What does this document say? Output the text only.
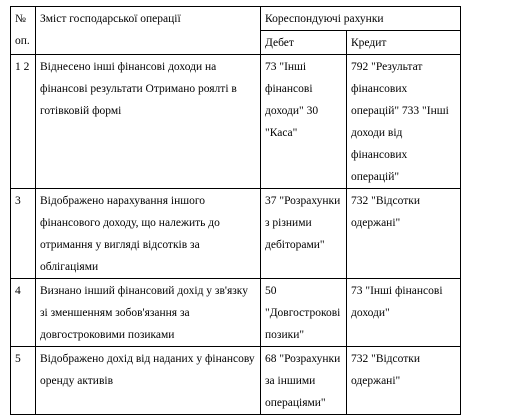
№ оп.	Зміст господарської операції	Кореспондуючі рахунки	
		Дебет	Кредит
1 2	Віднесено інші фінансові доходи на фінансові результати Отримано роялті в готівковій формі	73 "Інші фінансові доходи" 30 "Каса"	792 "Результат фінансових операцій" 733 "Інші доходи від фінансових операцій"
3	Відображено нарахування іншого фінансового доходу, що належить до отримання у вигляді відсотків за облігаціями	37 "Розрахунки з різними дебіторами"	732 "Відсотки одержані"
4	Визнано інший фінансовий дохід у зв'язку зі зменшенням зобов'язання за довгостроковими позиками	50 "Довгострокові позики"	73 "Інші фінансові доходи"
5	Відображено дохід від наданих у фінансову оренду активів	68 "Розрахунки за іншими операціями"	732 "Відсотки одержані"
